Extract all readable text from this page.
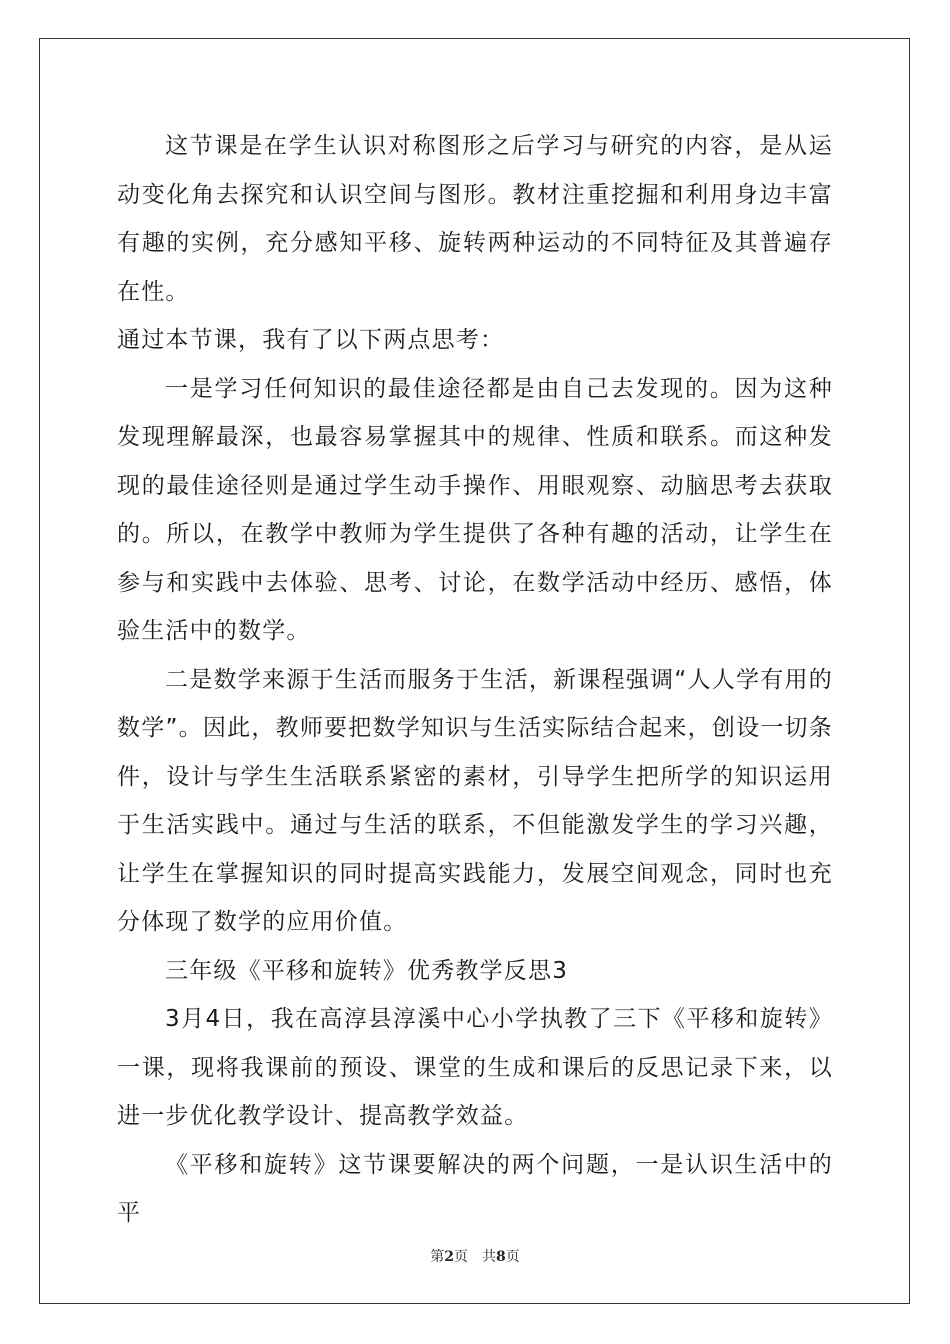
这节课是在学生认识对称图形之后学习与研究的内容，是从运动变化角去探究和认识空间与图形。教材注重挖掘和利用身边丰富有趣的实例，充分感知平移、旋转两种运动的不同特征及其普遍存在性。

通过本节课，我有了以下两点思考：

一是学习任何知识的最佳途径都是由自己去发现的。因为这种发现理解最深，也最容易掌握其中的规律、性质和联系。而这种发现的最佳途径则是通过学生动手操作、用眼观察、动脑思考去获取的。所以，在教学中教师为学生提供了各种有趣的活动，让学生在参与和实践中去体验、思考、讨论，在数学活动中经历、感悟，体验生活中的数学。

二是数学来源于生活而服务于生活，新课程强调“人人学有用的数学”。因此，教师要把数学知识与生活实际结合起来，创设一切条件，设计与学生生活联系紧密的素材，引导学生把所学的知识运用于生活实践中。通过与生活的联系，不但能激发学生的学习兴趣，让学生在掌握知识的同时提高实践能力，发展空间观念，同时也充分体现了数学的应用价值。

三年级《平移和旋转》优秀教学反思3

3月4日，我在高淳县淳溪中心小学执教了三下《平移和旋转》一课，现将我课前的预设、课堂的生成和课后的反思记录下来，以进一步优化教学设计、提高教学效益。

《平移和旋转》这节课要解决的两个问题，一是认识生活中的平

第2页 共8页
